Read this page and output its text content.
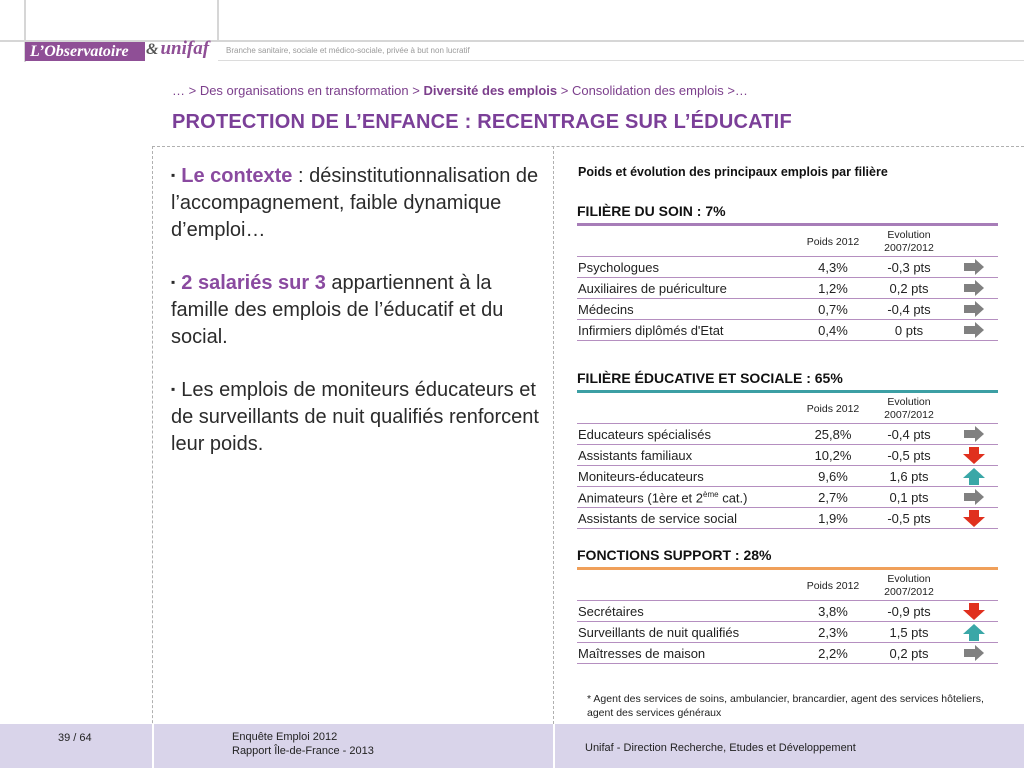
L’Observatoire	& unifaf Branche sanitaire, sociale et médico-sociale, privée à but non lucratif
… > Des organisations en transformation > Diversité des emplois > Consolidation des emplois >…
PROTECTION DE L’ENFANCE : RECENTRAGE SUR L’ÉDUCATIF
▪ Le contexte : désinstitutionnalisation de l’accompagnement, faible dynamique d’emploi…
▪ 2 salariés sur 3 appartiennent à la famille des emplois de l’éducatif et du social.
▪ Les emplois de moniteurs éducateurs et de surveillants de nuit qualifiés renforcent leur poids.
Poids et évolution des principaux emplois par filière
FILIÈRE DU SOIN : 7%
Poids 2012
Evolution
2007/2012
Psychologues	4,3%	-0,3 pts
Auxiliaires de puériculture	1,2%	0,2 pts
Médecins	0,7%	-0,4 pts
Infirmiers diplômés d'Etat	0,4%	0 pts
FILIÈRE ÉDUCATIVE ET SOCIALE : 65%
Poids 2012
Evolution
2007/2012
Educateurs spécialisés	25,8%	-0,4 pts
Assistants familiaux	10,2%	-0,5 pts
Moniteurs-éducateurs	9,6%	1,6 pts
Animateurs (1ère et 2ème cat.)	2,7%	0,1 pts
Assistants de service social	1,9%	-0,5 pts
FONCTIONS SUPPORT : 28%
Poids 2012
Evolution
2007/2012
Secrétaires	3,8%	-0,9 pts
Surveillants de nuit qualifiés	2,3%	1,5 pts
Maîtresses de maison	2,2%	0,2 pts
* Agent des services de soins, ambulancier, brancardier, agent des services hôteliers, agent des services généraux
39 / 64	Enquête Emploi 2012
Rapport Île-de-France - 2013	Unifaf - Direction Recherche, Etudes et Développement
